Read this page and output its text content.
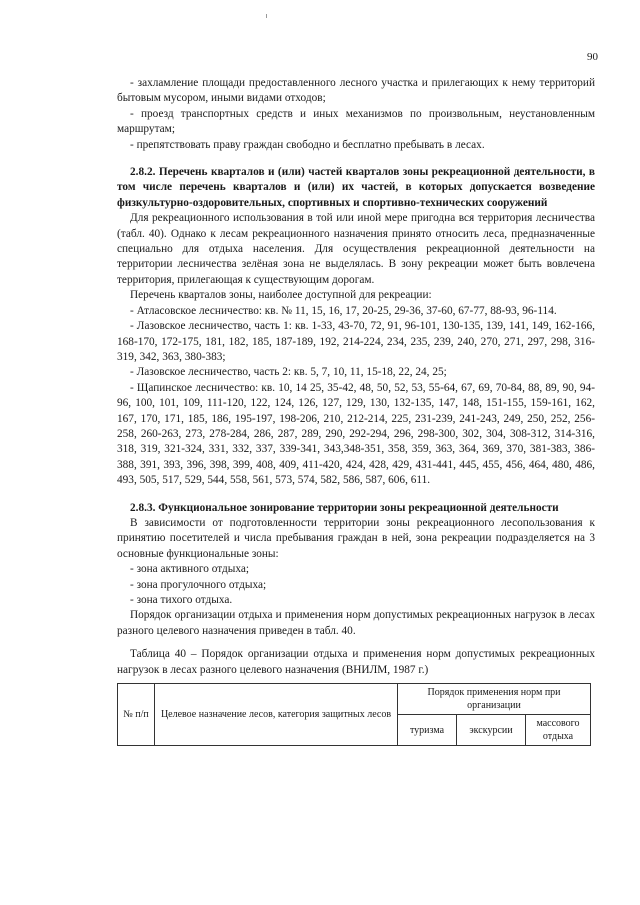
90

- захламление площади предоставленного лесного участка и прилегающих к нему территорий бытовым мусором, иными видами отходов;

- проезд транспортных средств и иных механизмов по произвольным, неустановленным маршрутам;

- препятствовать праву граждан свободно и бесплатно пребывать в лесах.

2.8.2. Перечень кварталов и (или) частей кварталов зоны рекреационной деятельности, в том числе перечень кварталов и (или) их частей, в которых допускается возведение физкультурно-оздоровительных, спортивных и спортивно-технических сооружений

Для рекреационного использования в той или иной мере пригодна вся территория лесничества (табл. 40). Однако к лесам рекреационного назначения принято относить леса, предназначенные специально для отдыха населения. Для осуществления рекреационной деятельности на территории лесничества зелёная зона не выделялась. В зону рекреации может быть вовлечена территория, прилегающая к существующим дорогам.

Перечень кварталов зоны, наиболее доступной для рекреации:

- Атласовское лесничество: кв. № 11, 15, 16, 17, 20-25, 29-36, 37-60, 67-77, 88-93, 96-114.

- Лазовское лесничество, часть 1: кв. 1-33, 43-70, 72, 91, 96-101, 130-135, 139, 141, 149, 162-166, 168-170, 172-175, 181, 182, 185, 187-189, 192, 214-224, 234, 235, 239, 240, 270, 271, 297, 298, 316-319, 342, 363, 380-383;

- Лазовское лесничество, часть 2: кв. 5, 7, 10, 11, 15-18, 22, 24, 25;

- Щапинское лесничество: кв. 10, 14 25, 35-42, 48, 50, 52, 53, 55-64, 67, 69, 70-84, 88, 89, 90, 94-96, 100, 101, 109, 111-120, 122, 124, 126, 127, 129, 130, 132-135, 147, 148, 151-155, 159-161, 162, 167, 170, 171, 185, 186, 195-197, 198-206, 210, 212-214, 225, 231-239, 241-243, 249, 250, 252, 256-258, 260-263, 273, 278-284, 286, 287, 289, 290, 292-294, 296, 298-300, 302, 304, 308-312, 314-316, 318, 319, 321-324, 331, 332, 337, 339-341, 343,348-351, 358, 359, 363, 364, 369, 370, 381-383, 386-388, 391, 393, 396, 398, 399, 408, 409, 411-420, 424, 428, 429, 431-441, 445, 455, 456, 464, 480, 486, 493, 505, 517, 529, 544, 558, 561, 573, 574, 582, 586, 587, 606, 611.

2.8.3. Функциональное зонирование территории зоны рекреационной деятельности

В зависимости от подготовленности территории зоны рекреационного лесопользования к принятию посетителей и числа пребывания граждан в ней, зона рекреации подразделяется на 3 основные функциональные зоны:

- зона активного отдыха;

- зона прогулочного отдыха;

- зона тихого отдыха.

Порядок организации отдыха и применения норм допустимых рекреационных нагрузок в лесах разного целевого назначения приведен в табл. 40.

Таблица 40 – Порядок организации отдыха и применения норм допустимых рекреационных нагрузок в лесах разного целевого назначения (ВНИЛМ, 1987 г.)

№ п/п	Целевое назначение лесов, категория защитных лесов	Порядок применения норм при организации		
		туризма	экскурсии	массового отдыха
